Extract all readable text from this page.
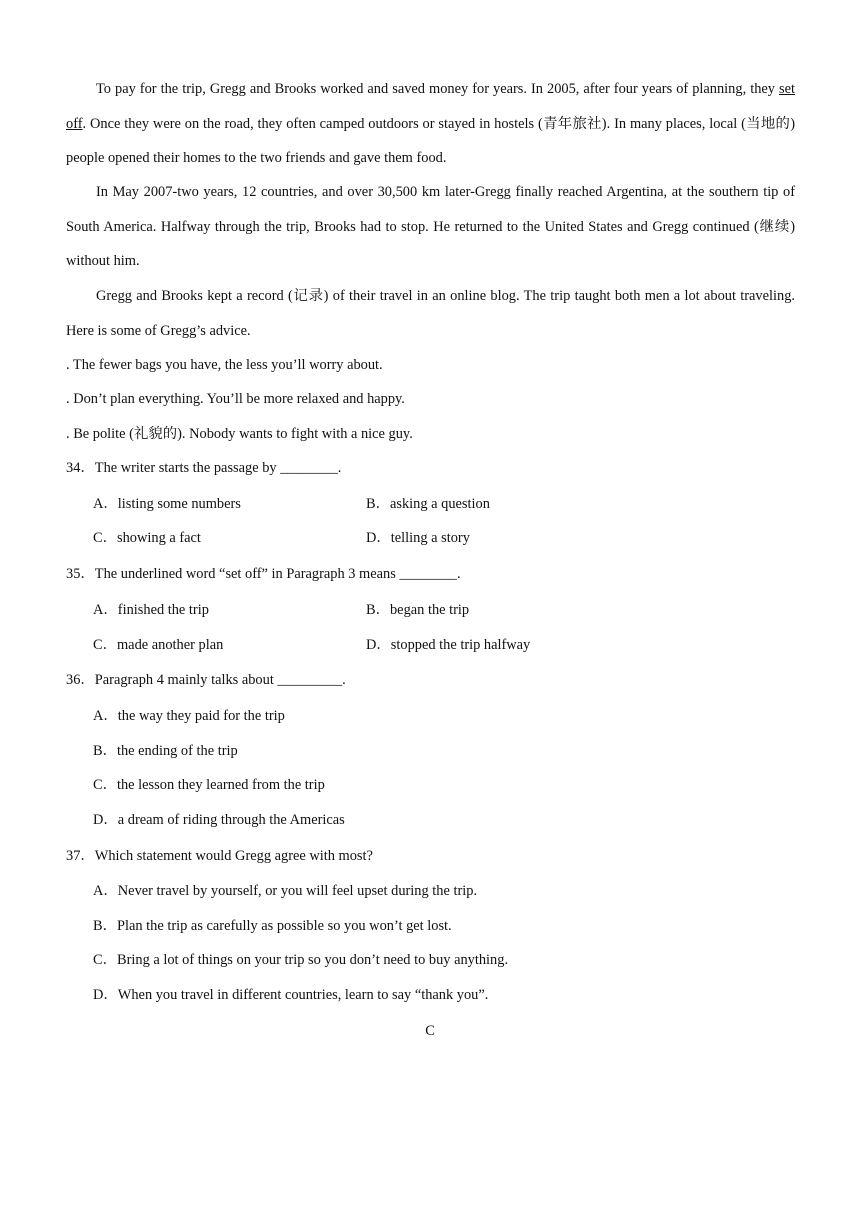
To pay for the trip, Gregg and Brooks worked and saved money for years. In 2005, after four years of planning, they set off. Once they were on the road, they often camped outdoors or stayed in hostels (青年旅社). In many places, local (当地的) people opened their homes to the two friends and gave them food.

In May 2007-two years, 12 countries, and over 30,500 km later-Gregg finally reached Argentina, at the southern tip of South America. Halfway through the trip, Brooks had to stop. He returned to the United States and Gregg continued (继续) without him.

Gregg and Brooks kept a record (记录) of their travel in an online blog. The trip taught both men a lot about traveling. Here is some of Gregg’s advice.

. The fewer bags you have, the less you’ll worry about.

. Don’t plan everything. You’ll be more relaxed and happy.

. Be polite (礼貌的). Nobody wants to fight with a nice guy.

34．The writer starts the passage by ________.

A．listing some numbers	B．asking a question

C．showing a fact	D．telling a story

35．The underlined word “set off” in Paragraph 3 means ________.

A．finished the trip	B．began the trip

C．made another plan	D．stopped the trip halfway

36．Paragraph 4 mainly talks about _________.

A．the way they paid for the trip

B．the ending of the trip

C．the lesson they learned from the trip

D．a dream of riding through the Americas

37．Which statement would Gregg agree with most?

A．Never travel by yourself, or you will feel upset during the trip.

B．Plan the trip as carefully as possible so you won’t get lost.

C．Bring a lot of things on your trip so you don’t need to buy anything.

D．When you travel in different countries, learn to say “thank you”.

C
